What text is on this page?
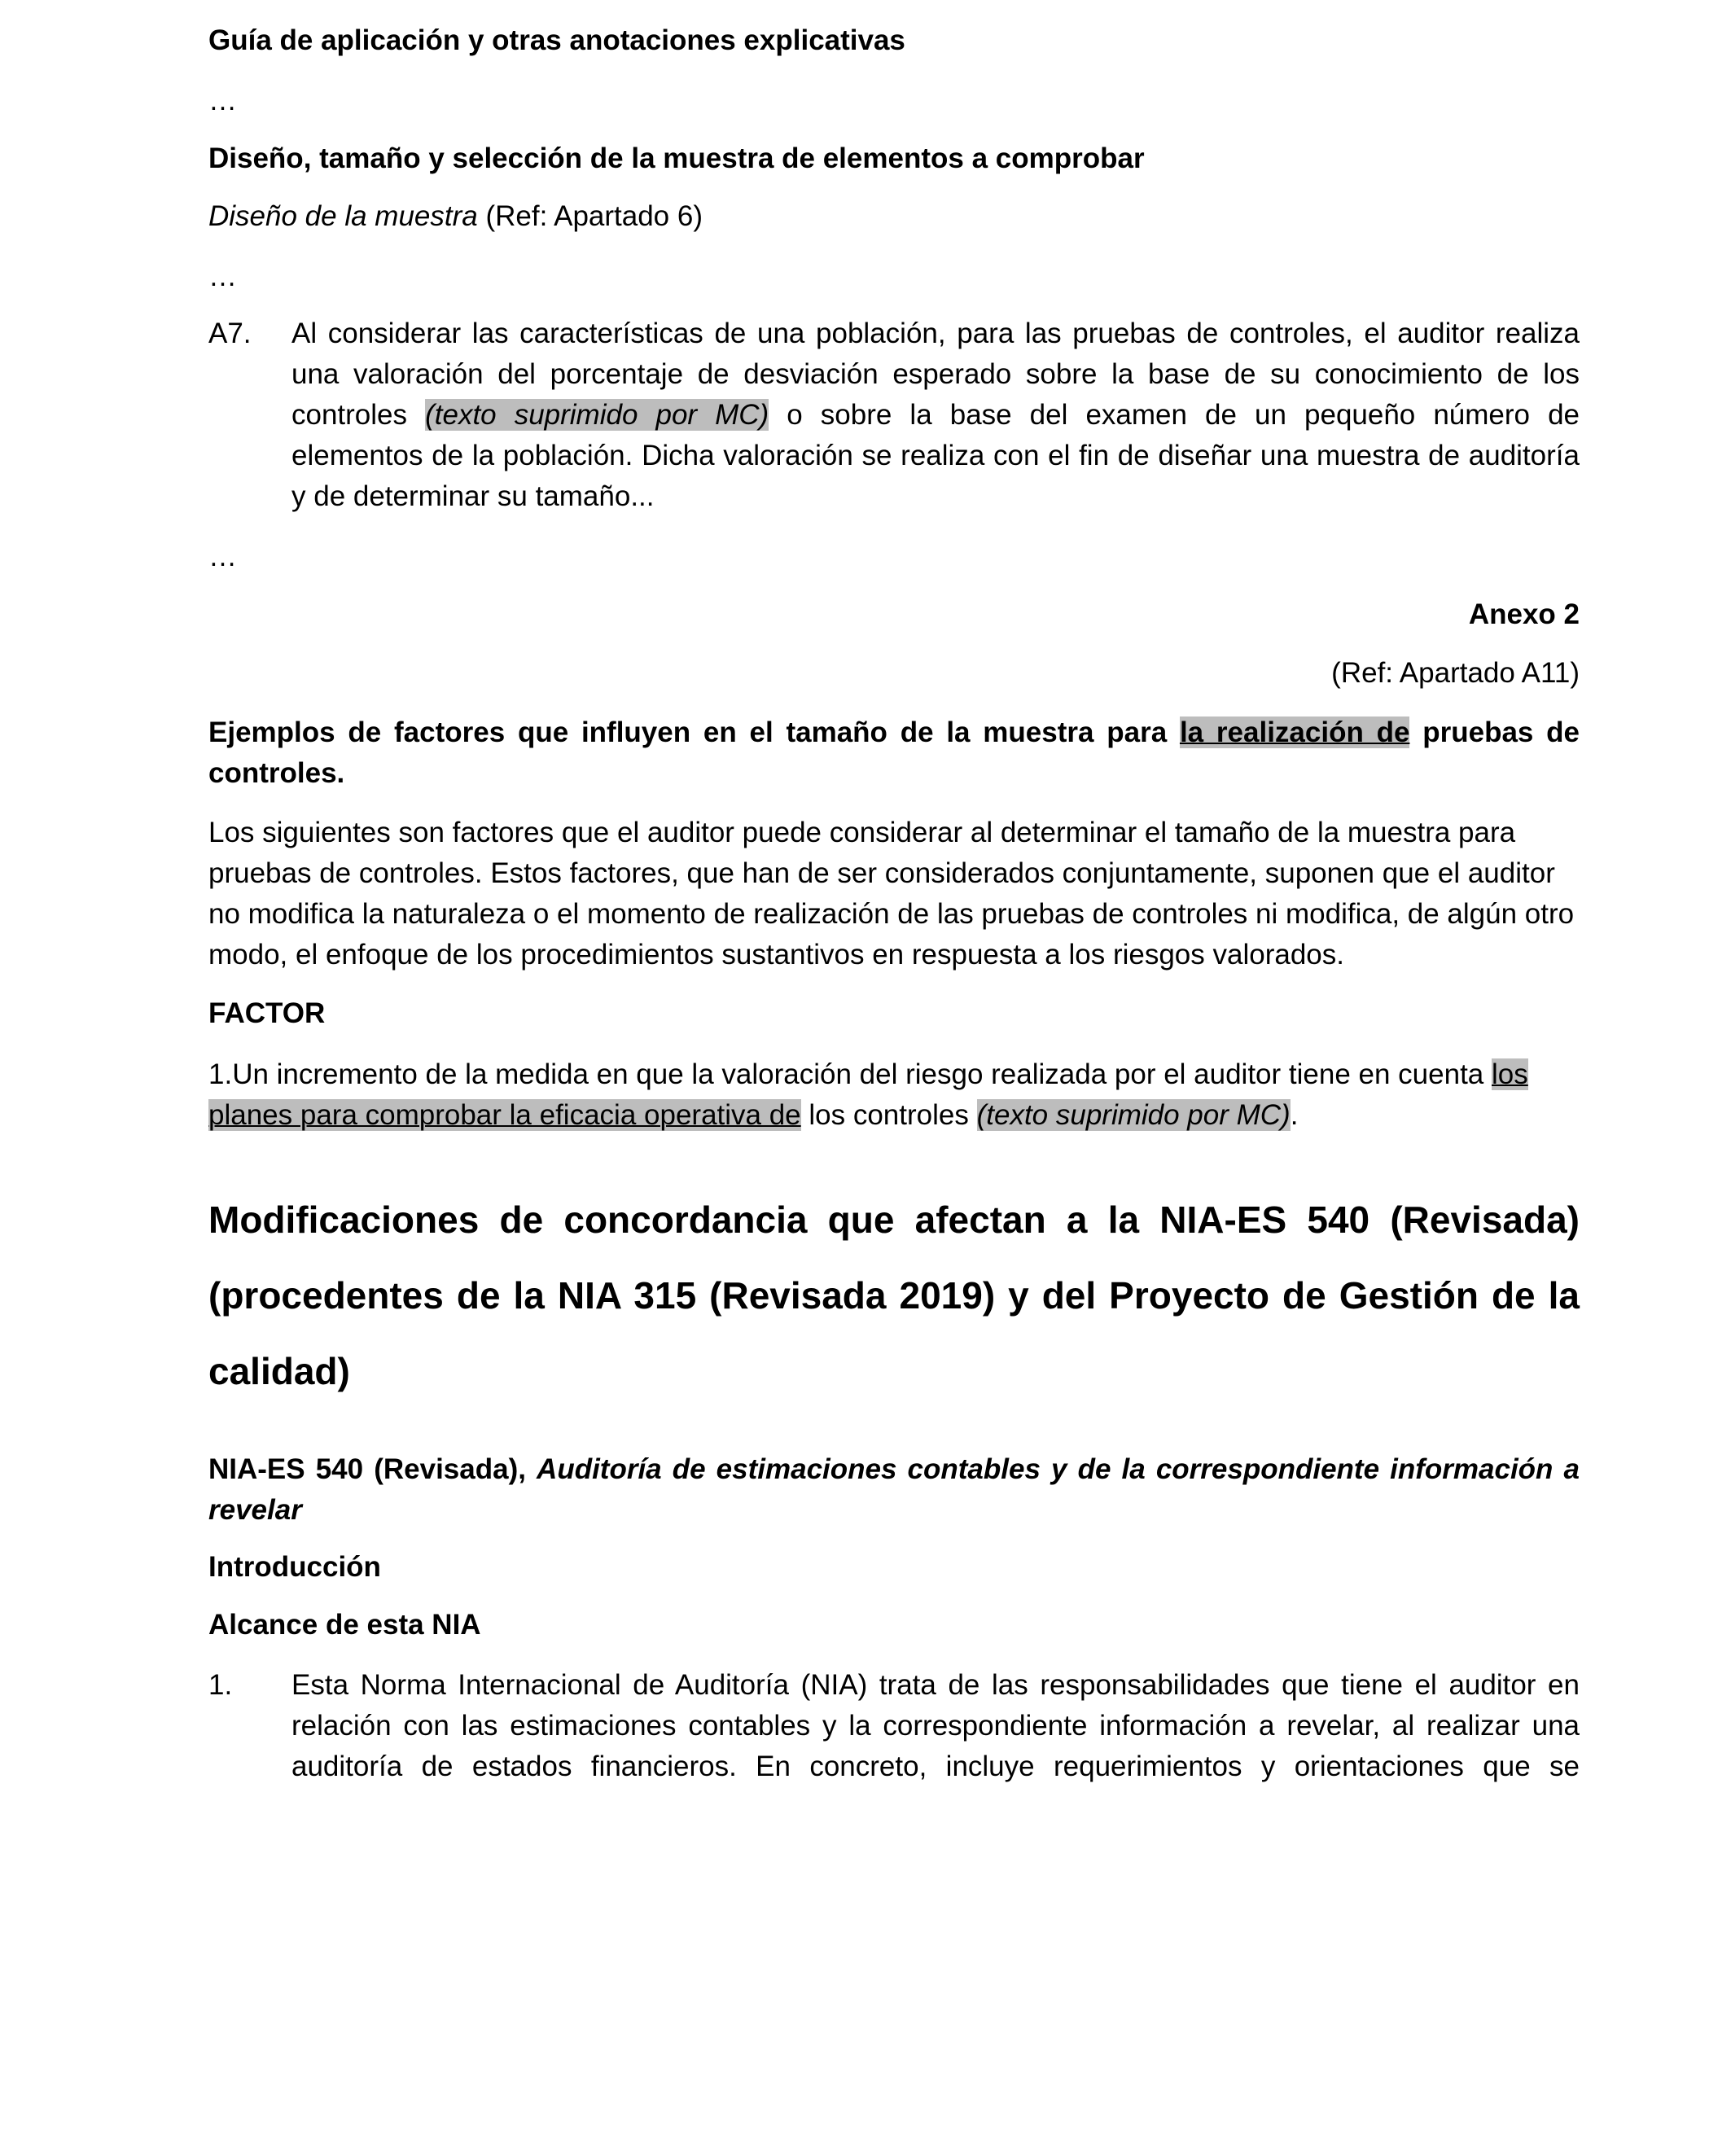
Guía de aplicación y otras anotaciones explicativas
…
Diseño, tamaño y selección de la muestra de elementos a comprobar
Diseño de la muestra (Ref: Apartado 6)
…
A7. Al considerar las características de una población, para las pruebas de controles, el auditor realiza
una valoración del porcentaje de desviación esperado sobre la base de su conocimiento de los
controles (texto suprimido por MC) o sobre la base del examen de un pequeño número de
elementos de la población. Dicha valoración se realiza con el fin de diseñar una muestra de auditoría
y de determinar su tamaño...
…
Anexo 2
(Ref: Apartado A11)
Ejemplos de factores que influyen en el tamaño de la muestra para la realización de pruebas de
controles.
Los siguientes son factores que el auditor puede considerar al determinar el tamaño de la muestra para pruebas de controles. Estos factores, que han de ser considerados conjuntamente, suponen que el auditor no modifica la naturaleza o el momento de realización de las pruebas de controles ni modifica, de algún otro modo, el enfoque de los procedimientos sustantivos en respuesta a los riesgos valorados.
FACTOR
1.Un incremento de la medida en que la valoración del riesgo realizada por el auditor tiene en cuenta los planes para comprobar la eficacia operativa de los controles (texto suprimido por MC).
Modificaciones de concordancia que afectan a la NIA-ES 540 (Revisada) (procedentes de la NIA 315 (Revisada 2019) y del Proyecto de Gestión de la calidad)
NIA-ES 540 (Revisada), Auditoría de estimaciones contables y de la correspondiente información a revelar
Introducción
Alcance de esta NIA
1. Esta Norma Internacional de Auditoría (NIA) trata de las responsabilidades que tiene el auditor en
relación con las estimaciones contables y la correspondiente información a revelar, al realizar una
auditoría de estados financieros. En concreto, incluye requerimientos y orientaciones que se
